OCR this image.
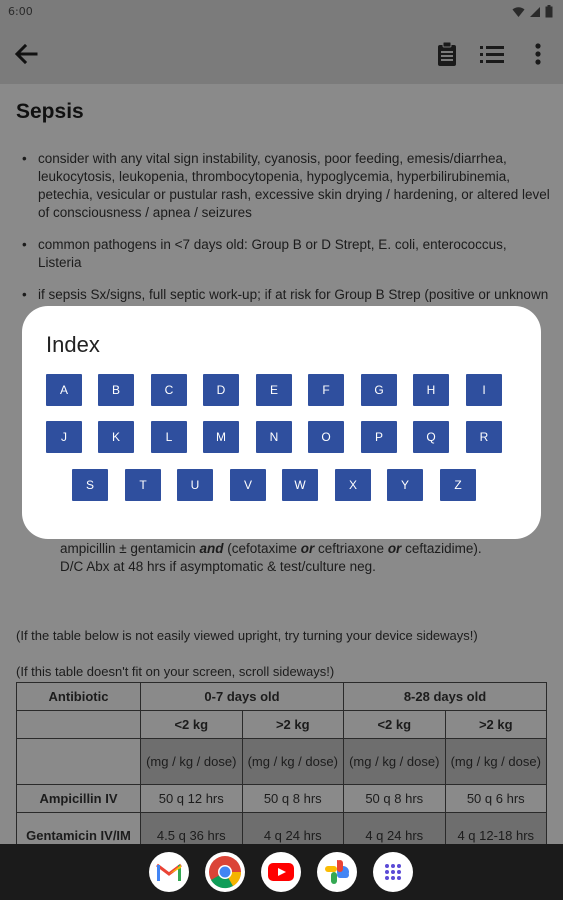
6:00
Sepsis
• consider with any vital sign instability, cyanosis, poor feeding, emesis/diarrhea, leukocytosis, leukopenia, thrombocytopenia, hypoglycemia, hyperbilirubinemia, petechia, vesicular or pustular rash, excessive skin drying / hardening, or altered level of consciousness / apnea / seizures
• common pathogens in <7 days old: Group B or D Strept, E. coli, enterococcus, Listeria
• if sepsis Sx/signs, full septic work-up; if at risk for Group B Strep (positive or unknown
ampicillin ± gentamicin and (cefotaxime or ceftriaxone or ceftazidime).
D/C Abx at 48 hrs if asymptomatic & test/culture neg.
(If the table below is not easily viewed upright, try turning your device sideways!)
(If this table doesn't fit on your screen, scroll sideways!)
Antibiotic	0-7 days old		8-28 days old	
	<2 kg	>2 kg	<2 kg	>2 kg
	(mg / kg / dose)	(mg / kg / dose)	(mg / kg / dose)	(mg / kg / dose)
Ampicillin IV	50 q 12 hrs	50 q 8 hrs	50 q 8 hrs	50 q 6 hrs
Gentamicin IV/IM	4.5 q 36 hrs	4 q 24 hrs	4 q 24 hrs	4 q 12-18 hrs
Index
A	B	C	D	E	F	G	H	I
J	K	L	M	N	O	P	Q	R
S	T	U	V	W	X	Y	Z
